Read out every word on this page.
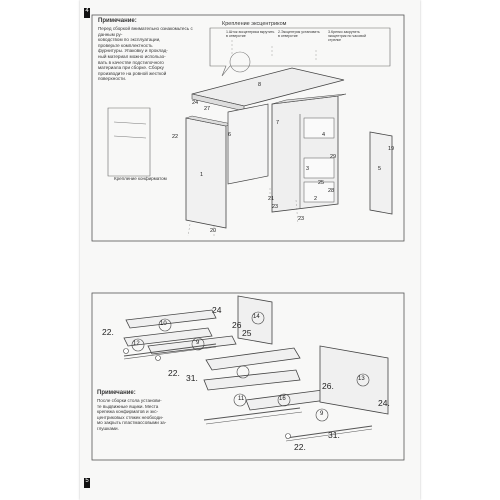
4
5
Примечание:
Перед сборкой внимательно ознакомьтесь с данным ру-
ководством по эксплуатации,
проверьте комплектность
фурнитуры. Упаковку и проклад-
ный материал можно использо-
вать в качестве подстилочного
материала при сборке. Сборку
производите на ровной жесткой
поверхности.
Крепление эксцентриком
1.Шток эксцентрика вкрутить в отверстие
2.Эксцентрик установить в отверстие
3.Крепко закрутить эксцентрик по часовой стрелке
Крепление конфирматом
8
7
6	4
1
3
2
5
24
27
22
21
23
25
28
29
19
23
20
Примечание:
После сборки стола установи-
те выдвижные ящики. Места
крепежа конфирматов и экс-
центриковых стяжек необходи-
мо закрыть пластмассовыми за-
глушками.
10
12	9
14
24
26
25
22.
22. 31.
11	16
9
13
26.
24.
22.
31.
